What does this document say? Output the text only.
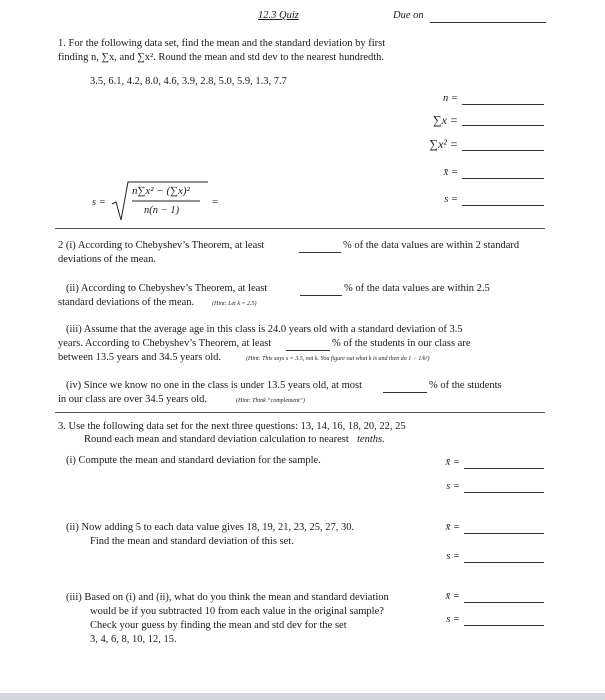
12.3 Quiz	Due on
1. For the following data set, find the mean and the standard deviation by first
finding n, ∑x, and ∑x². Round the mean and std dev to the nearest hundredth.
3.5, 6.1, 4.2, 8.0, 4.6, 3.9, 2.8, 5.0, 5.9, 1.3, 7.7
n =
∑x =
∑x² =
x̄ =
s =
n∑x² − (∑x)²
n(n − 1)
=	s =
2 (i) According to Chebyshev’s Theorem, at least	% of the data values are within 2 standard
deviations of the mean.
(ii) According to Chebyshev’s Theorem, at least	% of the data values are within 2.5
standard deviations of the mean.	(Hint: Let k = 2.5)
(iii) Assume that the average age in this class is 24.0 years old with a standard deviation of 3.5
years. According to Chebyshev’s Theorem, at least	% of the students in our class are
between 13.5 years and 34.5 years old.	(Hint: This says s = 3.5, not k. You figure out what k is and then do 1 − 1/k²)
(iv) Since we know no one in the class is under 13.5 years old, at most	% of the students
in our class are over 34.5 years old.	(Hint: Think “complement”)
3. Use the following data set for the next three questions: 13, 14, 16, 18, 20, 22, 25
Round each mean and standard deviation calculation to nearest tenths.
(i) Compute the mean and standard deviation for the sample.	x̄ =
s =
(ii) Now adding 5 to each data value gives 18, 19, 21, 23, 25, 27, 30.
Find the mean and standard deviation of this set.
x̄ =
s =
(iii) Based on (i) and (ii), what do you think the mean and standard deviation
would be if you subtracted 10 from each value in the original sample?
Check your guess by finding the mean and std dev for the set
3, 4, 6, 8, 10, 12, 15.
x̄ =
s =
